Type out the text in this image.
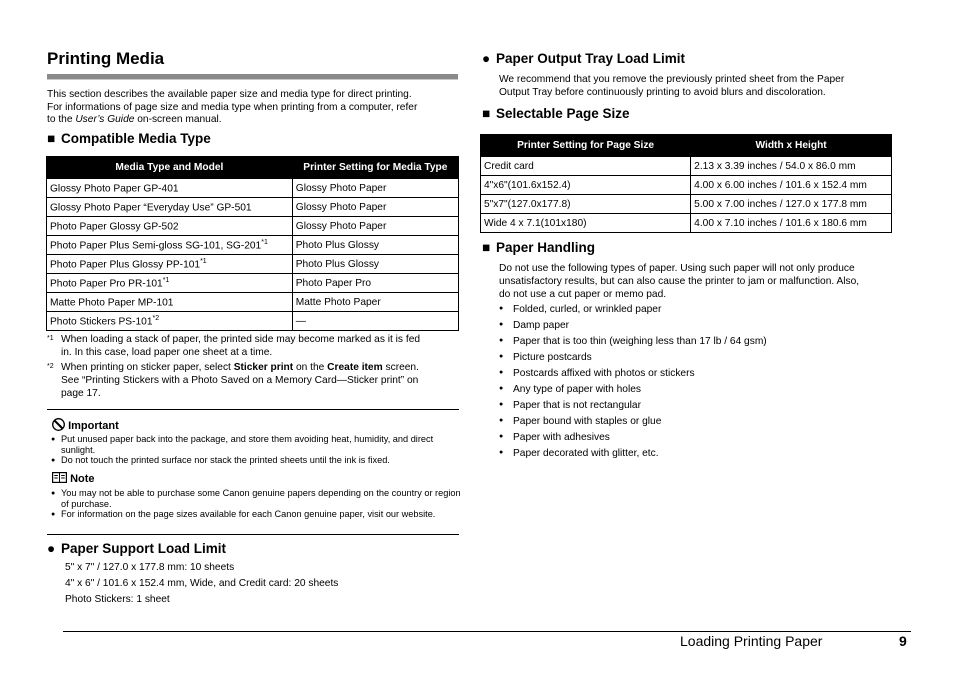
Printing Media
This section describes the available paper size and media type for direct printing.
For informations of page size and media type when printing from a computer, refer
to the User’s Guide on-screen manual.
■ Compatible Media Type
Media Type and Model	Printer Setting for Media Type
Glossy Photo Paper GP-401	Glossy Photo Paper
Glossy Photo Paper “Everyday Use” GP-501	Glossy Photo Paper
Photo Paper Glossy GP-502	Glossy Photo Paper
Photo Paper Plus Semi-gloss SG-101, SG-201$^{*1}$	Photo Plus Glossy
Photo Paper Plus Glossy PP-101$^{*1}$	Photo Plus Glossy
Photo Paper Pro PR-101$^{*1}$	Photo Paper Pro
Matte Photo Paper MP-101	Matte Photo Paper
Photo Stickers PS-101$^{*2}$	—
$^{*1}$ When loading a stack of paper, the printed side may become marked as it is fed
in. In this case, load paper one sheet at a time.
$^{*2}$ When printing on sticker paper, select Sticker print on the Create item screen.
See “Printing Stickers with a Photo Saved on a Memory Card—Sticker print” on
page 17.
Important
● Put unused paper back into the package, and store them avoiding heat, humidity, and direct sunlight.
● Do not touch the printed surface nor stack the printed sheets until the ink is fixed.
Note
● You may not be able to purchase some Canon genuine papers depending on the country or region of purchase.
● For information on the page sizes available for each Canon genuine paper, visit our website.
● Paper Support Load Limit
5" x 7" / 127.0 x 177.8 mm: 10 sheets
4" x 6" / 101.6 x 152.4 mm, Wide, and Credit card: 20 sheets
Photo Stickers: 1 sheet
● Paper Output Tray Load Limit
We recommend that you remove the previously printed sheet from the Paper
Output Tray before continuously printing to avoid blurs and discoloration.
■ Selectable Page Size
Printer Setting for Page Size	Width x Height
Credit card	2.13 x 3.39 inches / 54.0 x 86.0 mm
4"x6"(101.6x152.4)	4.00 x 6.00 inches / 101.6 x 152.4 mm
5"x7"(127.0x177.8)	5.00 x 7.00 inches / 127.0 x 177.8 mm
Wide 4 x 7.1(101x180)	4.00 x 7.10 inches / 101.6 x 180.6 mm
■ Paper Handling
Do not use the following types of paper. Using such paper will not only produce
unsatisfactory results, but can also cause the printer to jam or malfunction. Also,
do not use a cut paper or memo pad.
● Folded, curled, or wrinkled paper
● Damp paper
● Paper that is too thin (weighing less than 17 lb / 64 gsm)
● Picture postcards
● Postcards affixed with photos or stickers
● Any type of paper with holes
● Paper that is not rectangular
● Paper bound with staples or glue
● Paper with adhesives
● Paper decorated with glitter, etc.
Loading Printing Paper	9
